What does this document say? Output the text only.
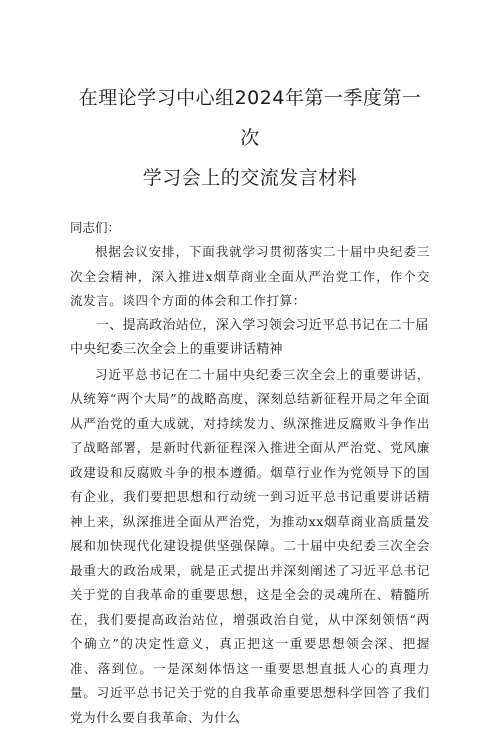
在理论学习中心组2024年第一季度第一次
学习会上的交流发言材料
同志们：

根据会议安排，下面我就学习贯彻落实二十届中央纪委三次全会精神，深入推进x烟草商业全面从严治党工作，作个交流发言。谈四个方面的体会和工作打算：

一、提高政治站位，深入学习领会习近平总书记在二十届中央纪委三次全会上的重要讲话精神

习近平总书记在二十届中央纪委三次全会上的重要讲话，从统筹“两个大局”的战略高度，深刻总结新征程开局之年全面从严治党的重大成就，对持续发力、纵深推进反腐败斗争作出了战略部署，是新时代新征程深入推进全面从严治党、党风廉政建设和反腐败斗争的根本遵循。烟草行业作为党领导下的国有企业，我们要把思想和行动统一到习近平总书记重要讲话精神上来，纵深推进全面从严治党，为推动xx烟草商业高质量发展和加快现代化建设提供坚强保障。二十届中央纪委三次全会最重大的政治成果，就是正式提出并深刻阐述了习近平总书记关于党的自我革命的重要思想，这是全会的灵魂所在、精髓所在，我们要提高政治站位，增强政治自觉，从中深刻领悟“两个确立”的决定性意义，真正把这一重要思想领会深、把握准、落到位。一是深刻体悟这一重要思想直抵人心的真理力量。习近平总书记关于党的自我革命重要思想科学回答了我们党为什么要自我革命、为什么
